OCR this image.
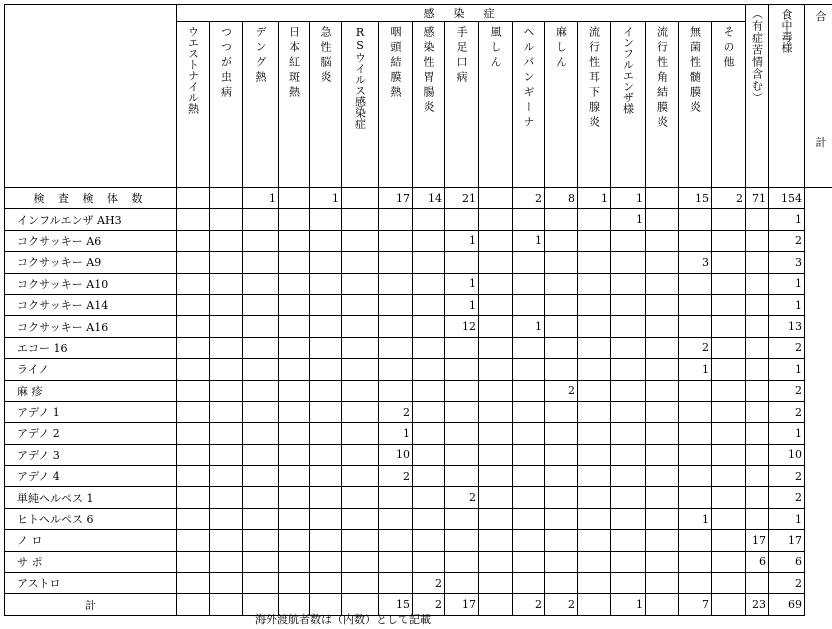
	感　染　症																	（有症苦情含む）	食中毒様	合

計

	ウエストナイル熱	つつが虫病	デング熱	日本紅斑熱	急性脳炎	RSウイルス感染症	咽頭結膜熱	感染性胃腸炎	手足口病	風しん	ヘルパンギーナ	麻しん	流行性耳下腺炎	インフルエンザ様	流行性角結膜炎	無菌性髄膜炎	その他			

検 査 検 体 数			1		1		17	14	21		2	8	1	1		15	2	71	154	
インフルエンザ AH3														1					1	
コクサッキー A6									1		1								2	
コクサッキー A9																3			3	
コクサッキー A10									1										1	
コクサッキー A14									1										1	
コクサッキー A16									12		1								13	
エコー 16																2			2	
ライノ																1			1	
麻 疹												2							2	
アデノ 1							2												2	
アデノ 2							1												1	
アデノ 3							10												10	
アデノ 4							2												2	
単純ヘルペス 1									2										2	
ヒトヘルペス 6																1			1	
ノ ロ																		17	17	
サ ポ																		6	6	
アストロ								2											2	
計							15	2	17		2	2		1		7		23	69	
海外渡航者数は（内数）として記載
